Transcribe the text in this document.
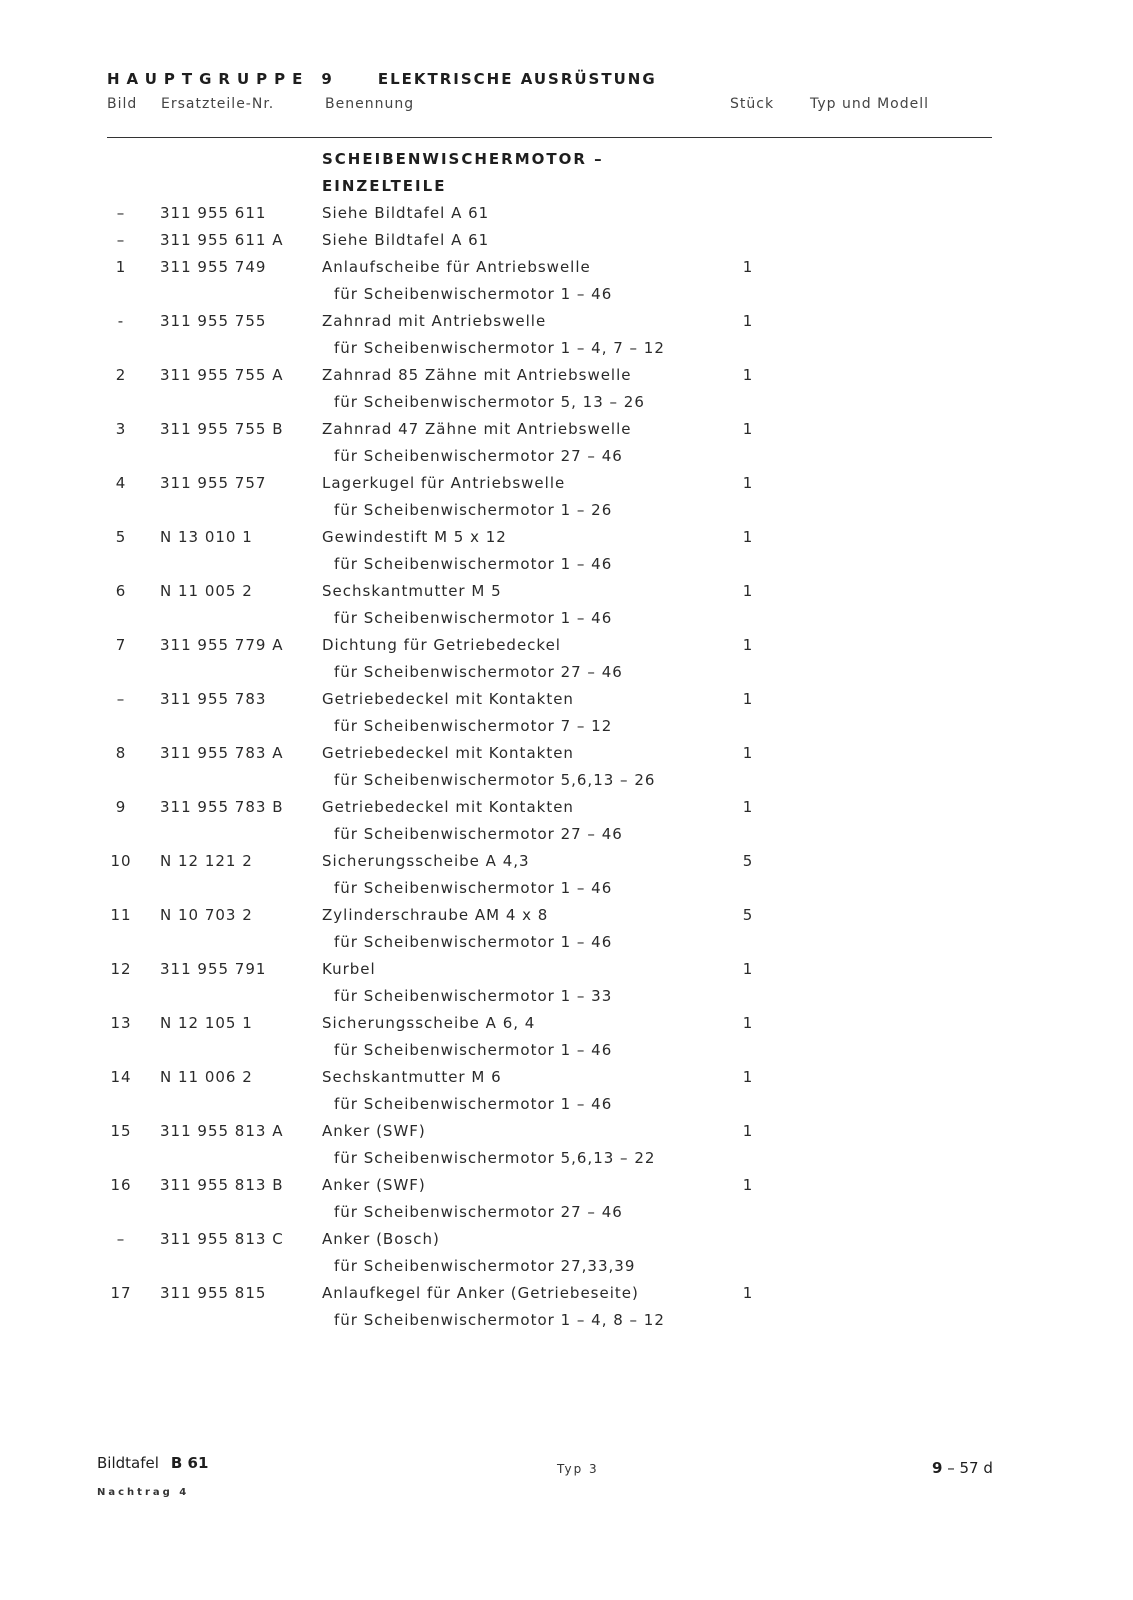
HAUPTGRUPPE 9	ELEKTRISCHE AUSRÜSTUNG
Bild Ersatzteile-Nr.	Benennung	Stück	Typ und Modell
SCHEIBENWISCHERMOTOR –
EINZELTEILE
–	311 955 611	Siehe Bildtafel A 61
–	311 955 611 A	Siehe Bildtafel A 61
1	311 955 749	Anlaufscheibe für Antriebswelle	1
für Scheibenwischermotor 1 – 46
-	311 955 755	Zahnrad mit Antriebswelle	1
für Scheibenwischermotor 1 – 4, 7 – 12
2	311 955 755 A	Zahnrad 85 Zähne mit Antriebswelle	1
für Scheibenwischermotor 5, 13 – 26
3	311 955 755 B	Zahnrad 47 Zähne mit Antriebswelle	1
für Scheibenwischermotor 27 – 46
4	311 955 757	Lagerkugel für Antriebswelle	1
für Scheibenwischermotor 1 – 26
5	N 13 010 1	Gewindestift M 5 x 12	1
für Scheibenwischermotor 1 – 46
6	N 11 005 2	Sechskantmutter M 5	1
für Scheibenwischermotor 1 – 46
7	311 955 779 A	Dichtung für Getriebedeckel	1
für Scheibenwischermotor 27 – 46
–	311 955 783	Getriebedeckel mit Kontakten	1
für Scheibenwischermotor 7 – 12
8	311 955 783 A	Getriebedeckel mit Kontakten	1
für Scheibenwischermotor 5,6,13 – 26
9	311 955 783 B	Getriebedeckel mit Kontakten	1
für Scheibenwischermotor 27 – 46
10	N 12 121 2	Sicherungsscheibe A 4,3	5
für Scheibenwischermotor 1 – 46
11	N 10 703 2	Zylinderschraube AM 4 x 8	5
für Scheibenwischermotor 1 – 46
12	311 955 791	Kurbel	1
für Scheibenwischermotor 1 – 33
13	N 12 105 1	Sicherungsscheibe A 6, 4	1
für Scheibenwischermotor 1 – 46
14	N 11 006 2	Sechskantmutter M 6	1
für Scheibenwischermotor 1 – 46
15	311 955 813 A	Anker (SWF)	1
für Scheibenwischermotor 5,6,13 – 22
16	311 955 813 B	Anker (SWF)	1
für Scheibenwischermotor 27 – 46
–	311 955 813 C	Anker (Bosch)
für Scheibenwischermotor 27,33,39
17	311 955 815	Anlaufkegel für Anker (Getriebeseite)	1
für Scheibenwischermotor 1 – 4, 8 – 12
Bildtafel B 61
Nachtrag 4
Typ 3	9 – 57 d
